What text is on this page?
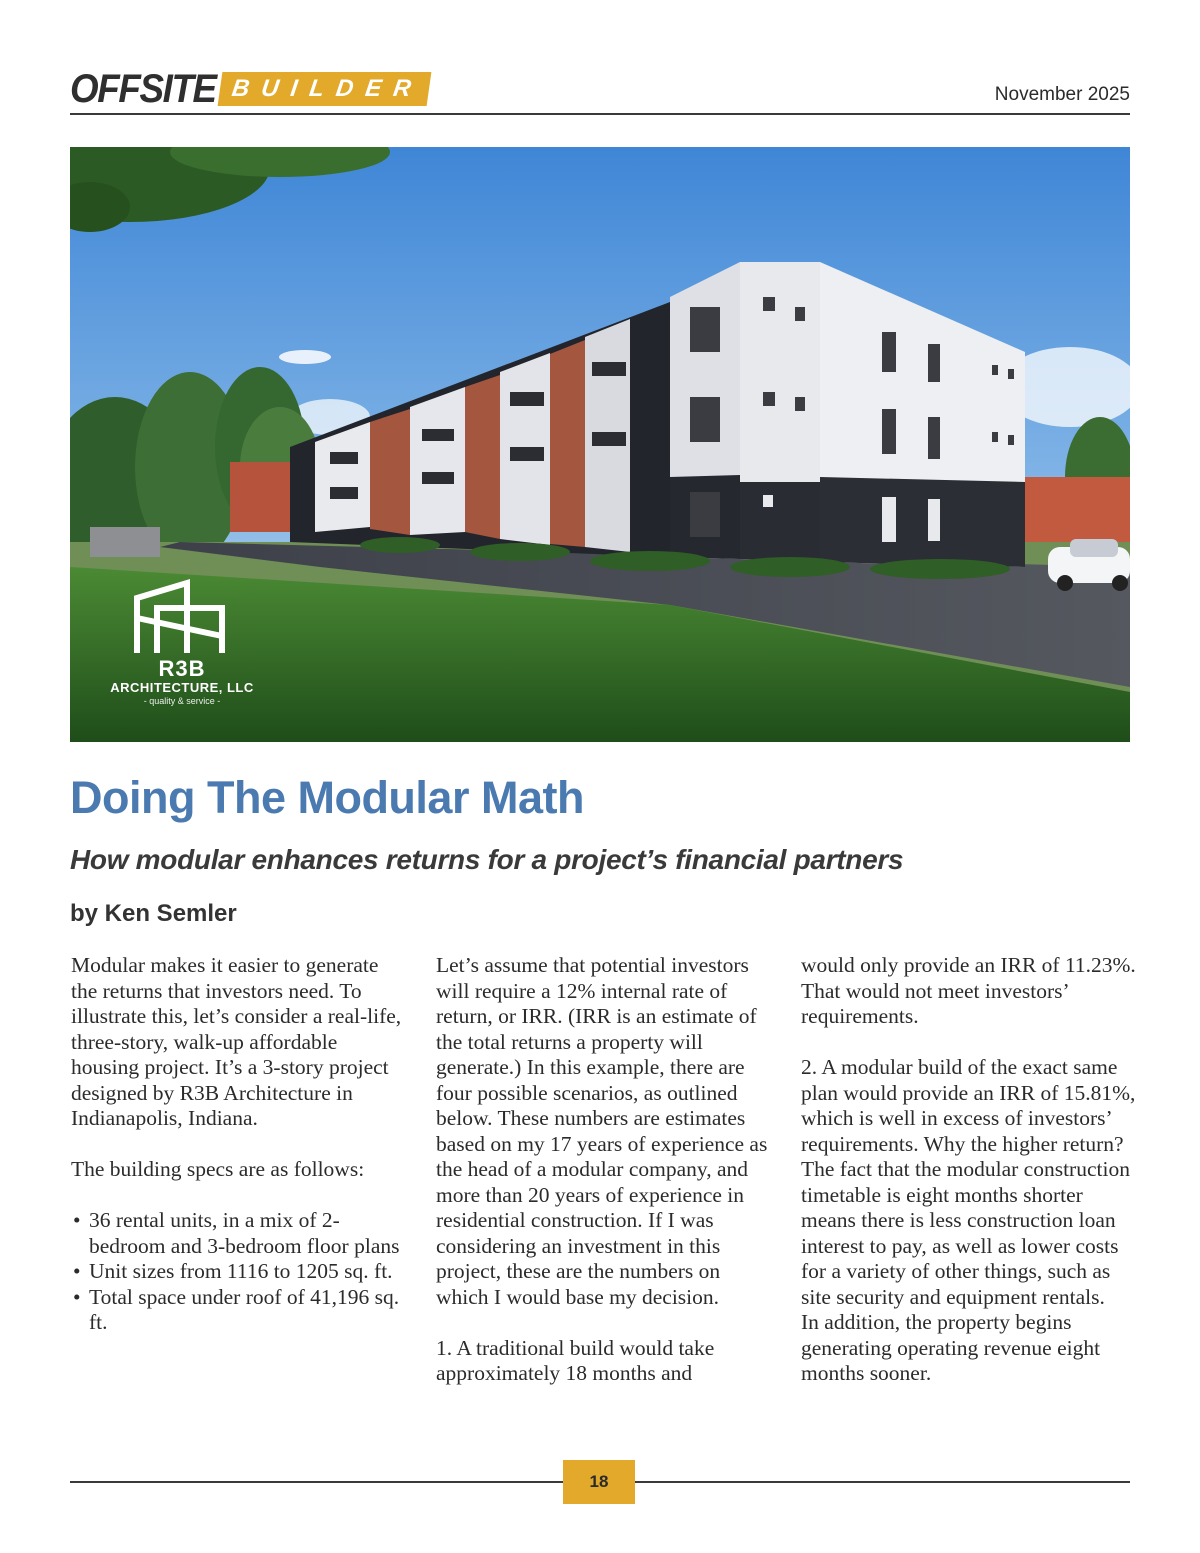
OFFSITE BUILDER	November 2025
R3B
ARCHITECTURE, LLC
- quality & service -
Doing The Modular Math
How modular enhances returns for a project’s financial partners
by Ken Semler

Modular makes it easier to generate the returns that investors need. To illustrate this, let’s consider a real-life, three-story, walk-up affordable housing project. It’s a 3-story project designed by R3B Architecture in Indianapolis, Indiana.

The building specs are as follows:

• 36 rental units, in a mix of 2-bedroom and 3-bedroom floor plans
• Unit sizes from 1116 to 1205 sq. ft.
• Total space under roof of 41,196 sq. ft.

Let’s assume that potential investors will require a 12% internal rate of return, or IRR. (IRR is an estimate of the total returns a property will generate.) In this example, there are four possible scenarios, as outlined below. These numbers are estimates based on my 17 years of experience as the head of a modular company, and more than 20 years of experience in residential construction. If I was considering an investment in this project, these are the numbers on which I would base my decision.

1. A traditional build would take approximately 18 months and

would only provide an IRR of 11.23%. That would not meet investors’ requirements.

2. A modular build of the exact same plan would provide an IRR of 15.81%, which is well in excess of investors’ requirements. Why the higher return? The fact that the modular construction timetable is eight months shorter means there is less construction loan interest to pay, as well as lower costs for a variety of other things, such as site security and equipment rentals.

In addition, the property begins generating operating revenue eight months sooner.

18
